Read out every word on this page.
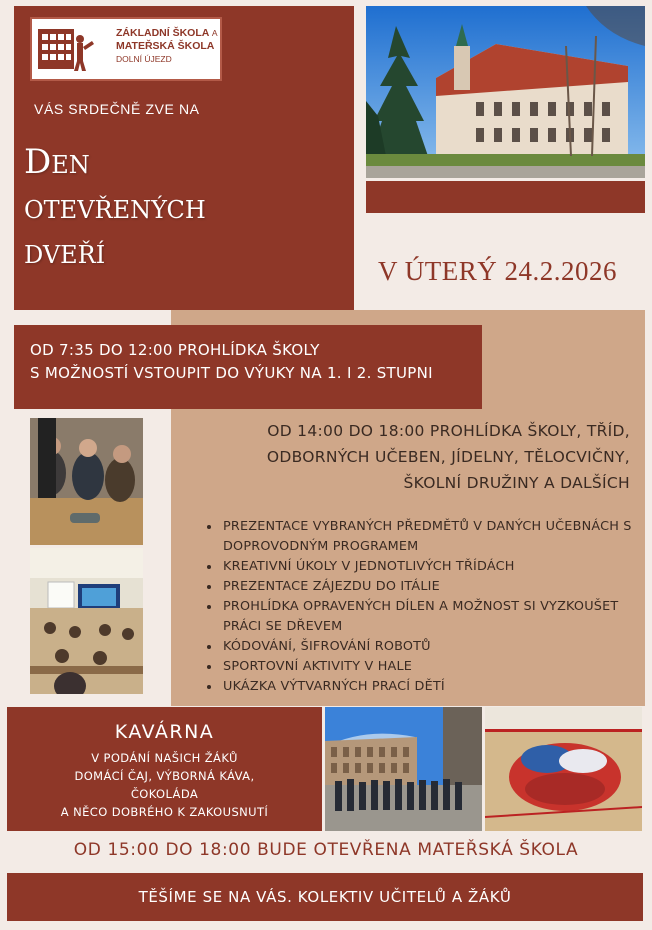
ZÁKLADNÍ ŠKOLA A
MATEŘSKÁ ŠKOLA
DOLNÍ ÚJEZD
VÁS SRDEČNĚ ZVE NA
Den
otevřených
dveří	V ÚTERÝ 24.2.2026
OD 7:35 DO 12:00 PROHLÍDKA ŠKOLY
S MOŽNOSTÍ VSTOUPIT DO VÝUKY NA 1. I 2. STUPNI
OD 14:00 DO 18:00 PROHLÍDKA ŠKOLY, TŘÍD,
ODBORNÝCH UČEBEN, JÍDELNY, TĚLOCVIČNY,
ŠKOLNÍ DRUŽINY A DALŠÍCH
PREZENTACE VYBRANÝCH PŘEDMĚTŮ V DANÝCH UČEBNÁCH S DOPROVODNÝM PROGRAMEM
KREATIVNÍ ÚKOLY V JEDNOTLIVÝCH TŘÍDÁCH
PREZENTACE ZÁJEZDU DO ITÁLIE
PROHLÍDKA OPRAVENÝCH DÍLEN A MOŽNOST SI VYZKOUŠET PRÁCI SE DŘEVEM
KÓDOVÁNÍ, ŠIFROVÁNÍ ROBOTŮ
SPORTOVNÍ AKTIVITY V HALE
UKÁZKA VÝTVARNÝCH PRACÍ DĚTÍ
KAVÁRNA
V PODÁNÍ NAŠICH ŽÁKŮ
DOMÁCÍ ČAJ, VÝBORNÁ KÁVA,
ČOKOLÁDA
A NĚCO DOBRÉHO K ZAKOUSNUTÍ
OD 15:00 DO 18:00 BUDE OTEVŘENA MATEŘSKÁ ŠKOLA
TĚŠÍME SE NA VÁS. KOLEKTIV UČITELŮ A ŽÁKŮ
